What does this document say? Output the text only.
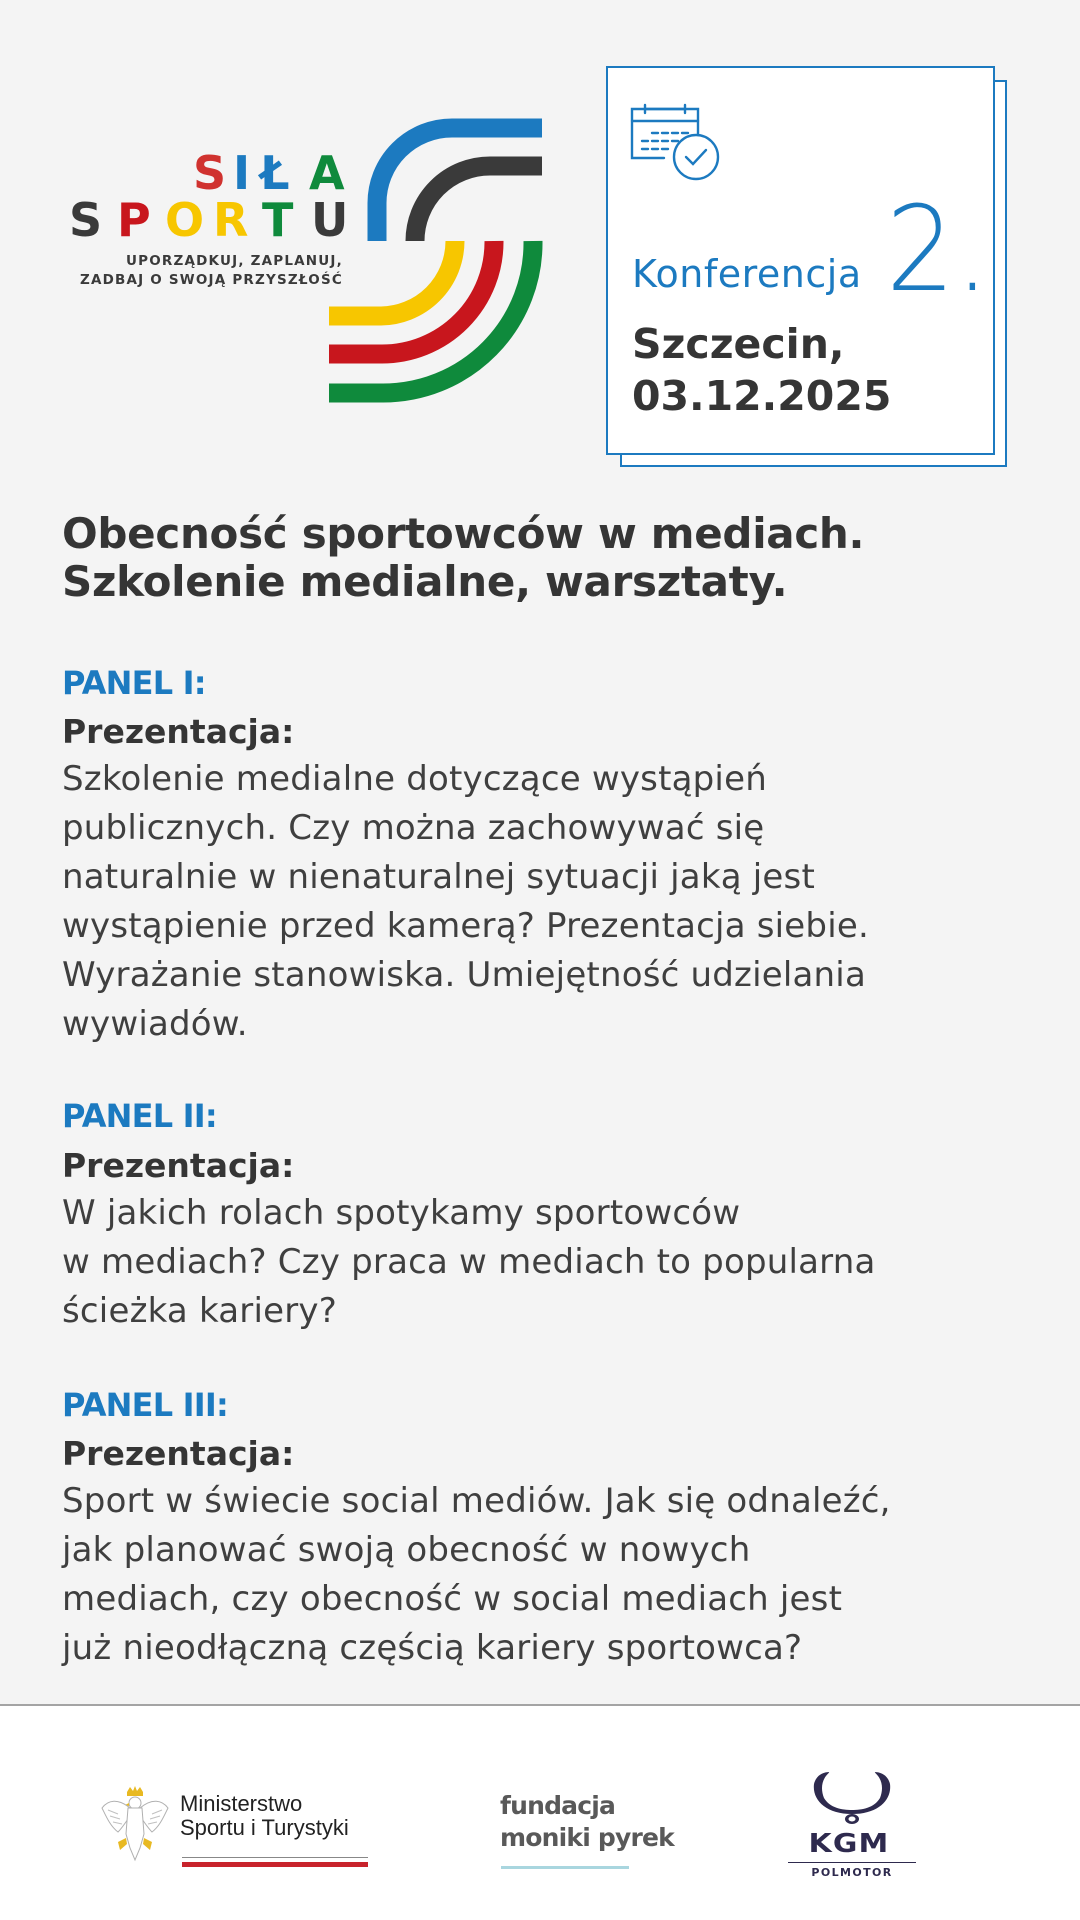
S I Ł A
S P O R T U
UPORZĄDKUJ, ZAPLANUJ,
ZADBAJ O SWOJĄ PRZYSZŁOŚĆ	Konferencja 2.
Szczecin,
03.12.2025
Obecność sportowców w mediach.
Szkolenie medialne, warsztaty.
PANEL I:
Prezentacja:
Szkolenie medialne dotyczące wystąpień
publicznych. Czy można zachowywać się
naturalnie w nienaturalnej sytuacji jaką jest
wystąpienie przed kamerą? Prezentacja siebie.
Wyrażanie stanowiska. Umiejętność udzielania
wywiadów.
PANEL II:
Prezentacja:
W jakich rolach spotykamy sportowców
w mediach? Czy praca w mediach to popularna
ścieżka kariery?
PANEL III:
Prezentacja:
Sport w świecie social mediów. Jak się odnaleźć,
jak planować swoją obecność w nowych
mediach, czy obecność w social mediach jest
już nieodłączną częścią kariery sportowca?
Ministerstwo
Sportu i Turystyki
fundacja
moniki pyrek	KGM
POLMOTOR
